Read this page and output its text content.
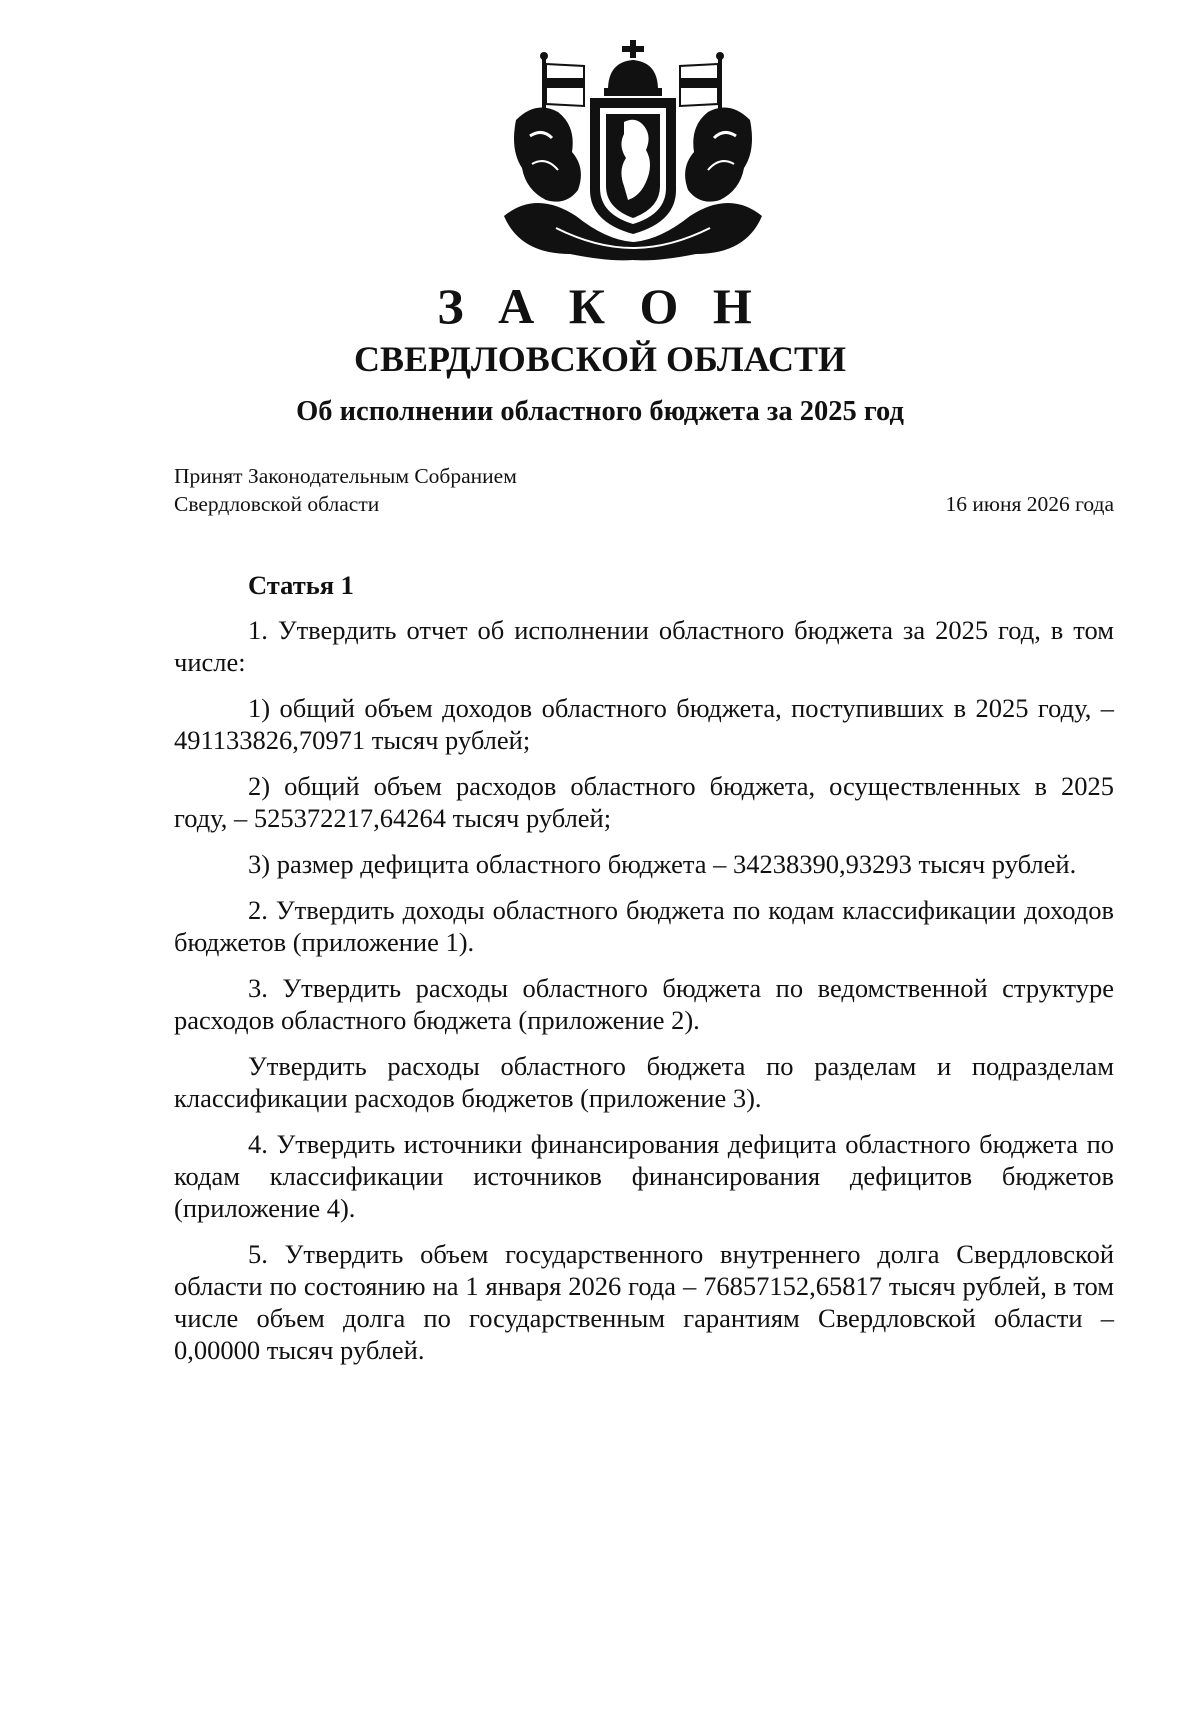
З А К О Н
СВЕРДЛОВСКОЙ ОБЛАСТИ
Об исполнении областного бюджета за 2025 год
Принят Законодательным Собранием
Свердловской области	16 июня 2026 года
Статья 1

1. Утвердить отчет об исполнении областного бюджета за 2025 год, в том числе:

1) общий объем доходов областного бюджета, поступивших в 2025 году, – 491133826,70971 тысяч рублей;

2) общий объем расходов областного бюджета, осуществленных в 2025 году, – 525372217,64264 тысяч рублей;

3) размер дефицита областного бюджета – 34238390,93293 тысяч рублей.

2. Утвердить доходы областного бюджета по кодам классификации доходов бюджетов (приложение 1).

3. Утвердить расходы областного бюджета по ведомственной структуре расходов областного бюджета (приложение 2).

Утвердить расходы областного бюджета по разделам и подразделам классификации расходов бюджетов (приложение 3).

4. Утвердить источники финансирования дефицита областного бюджета по кодам классификации источников финансирования дефицитов бюджетов (приложение 4).

5. Утвердить объем государственного внутреннего долга Свердловской области по состоянию на 1 января 2026 года – 76857152,65817 тысяч рублей, в том числе объем долга по государственным гарантиям Свердловской области – 0,00000 тысяч рублей.
